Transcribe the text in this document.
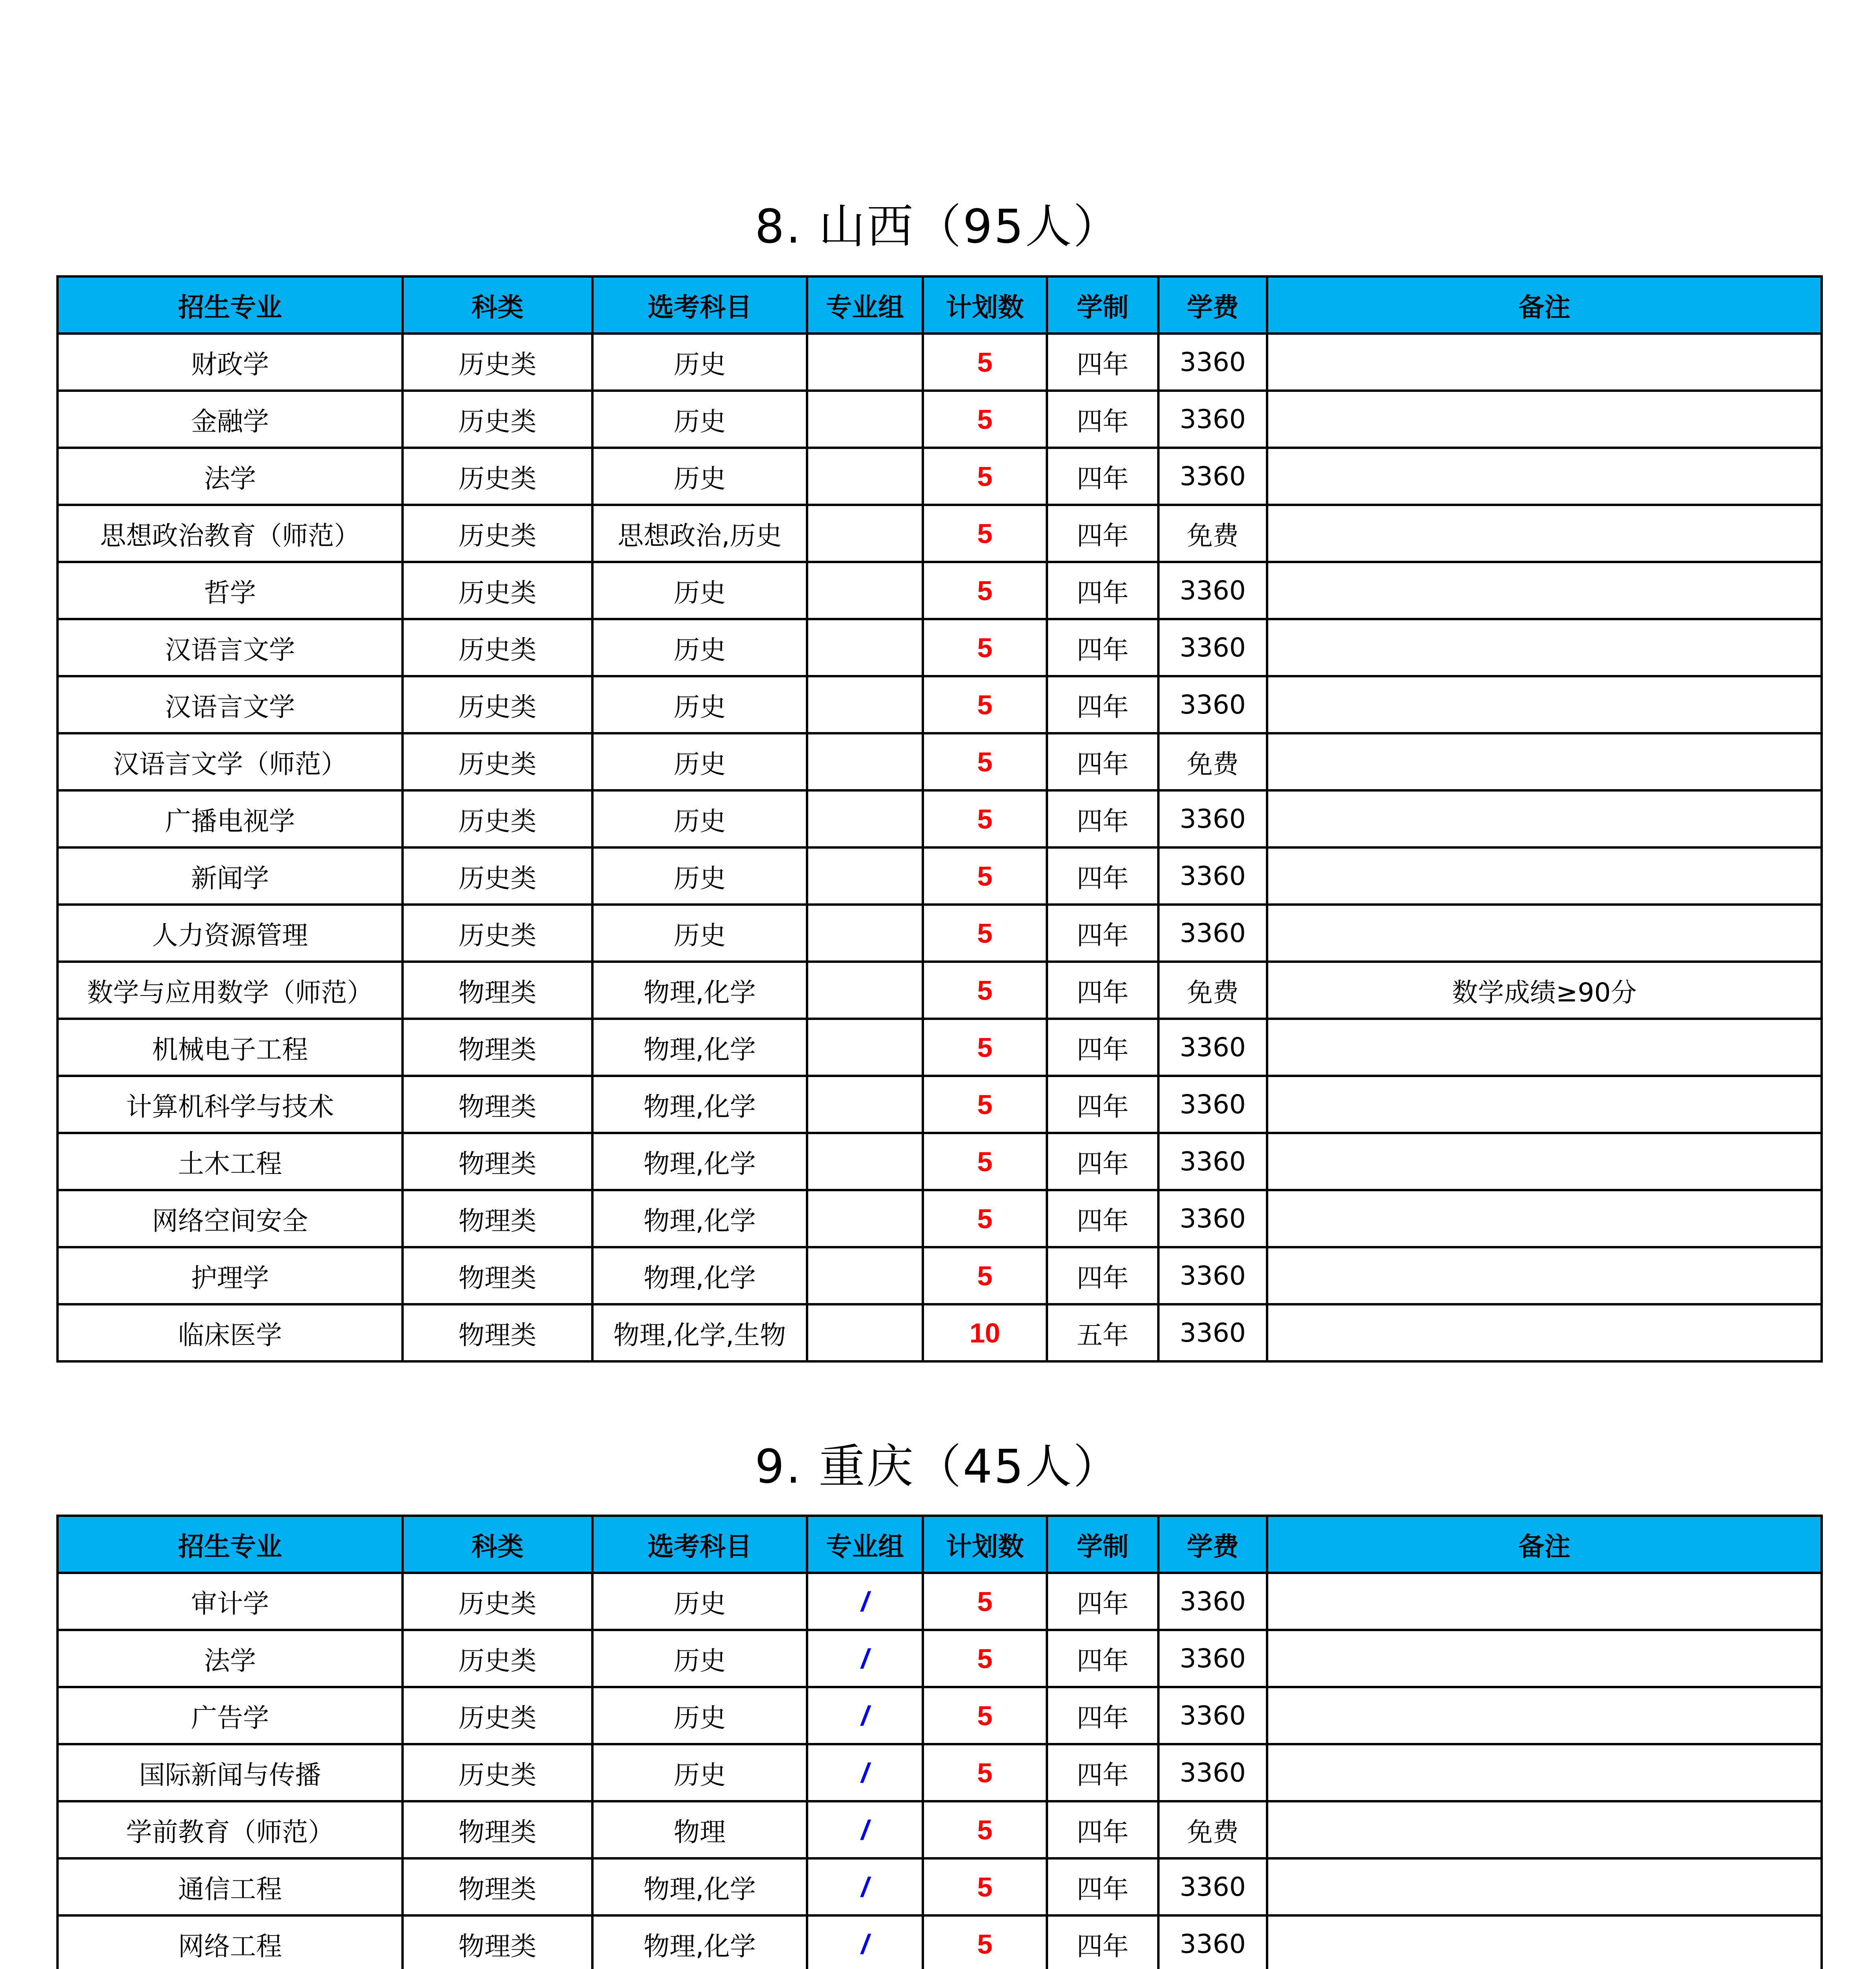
8. 山西（95人）
招生专业	科类	选考科目	专业组	计划数	学制	学费	备注
财政学	历史类	历史		5	四年	3360	
金融学	历史类	历史		5	四年	3360	
法学	历史类	历史		5	四年	3360	
思想政治教育（师范）	历史类	思想政治,历史		5	四年	免费	
哲学	历史类	历史		5	四年	3360	
汉语言文学	历史类	历史		5	四年	3360	
汉语言文学	历史类	历史		5	四年	3360	
汉语言文学（师范）	历史类	历史		5	四年	免费	
广播电视学	历史类	历史		5	四年	3360	
新闻学	历史类	历史		5	四年	3360	
人力资源管理	历史类	历史		5	四年	3360	
数学与应用数学（师范）	物理类	物理,化学		5	四年	免费	数学成绩≥90分
机械电子工程	物理类	物理,化学		5	四年	3360	
计算机科学与技术	物理类	物理,化学		5	四年	3360	
土木工程	物理类	物理,化学		5	四年	3360	
网络空间安全	物理类	物理,化学		5	四年	3360	
护理学	物理类	物理,化学		5	四年	3360	
临床医学	物理类	物理,化学,生物		10	五年	3360	
9. 重庆（45人）
招生专业	科类	选考科目	专业组	计划数	学制	学费	备注
审计学	历史类	历史	/	5	四年	3360	
法学	历史类	历史	/	5	四年	3360	
广告学	历史类	历史	/	5	四年	3360	
国际新闻与传播	历史类	历史	/	5	四年	3360	
学前教育（师范）	物理类	物理	/	5	四年	免费	
通信工程	物理类	物理,化学	/	5	四年	3360	
网络工程	物理类	物理,化学	/	5	四年	3360	
